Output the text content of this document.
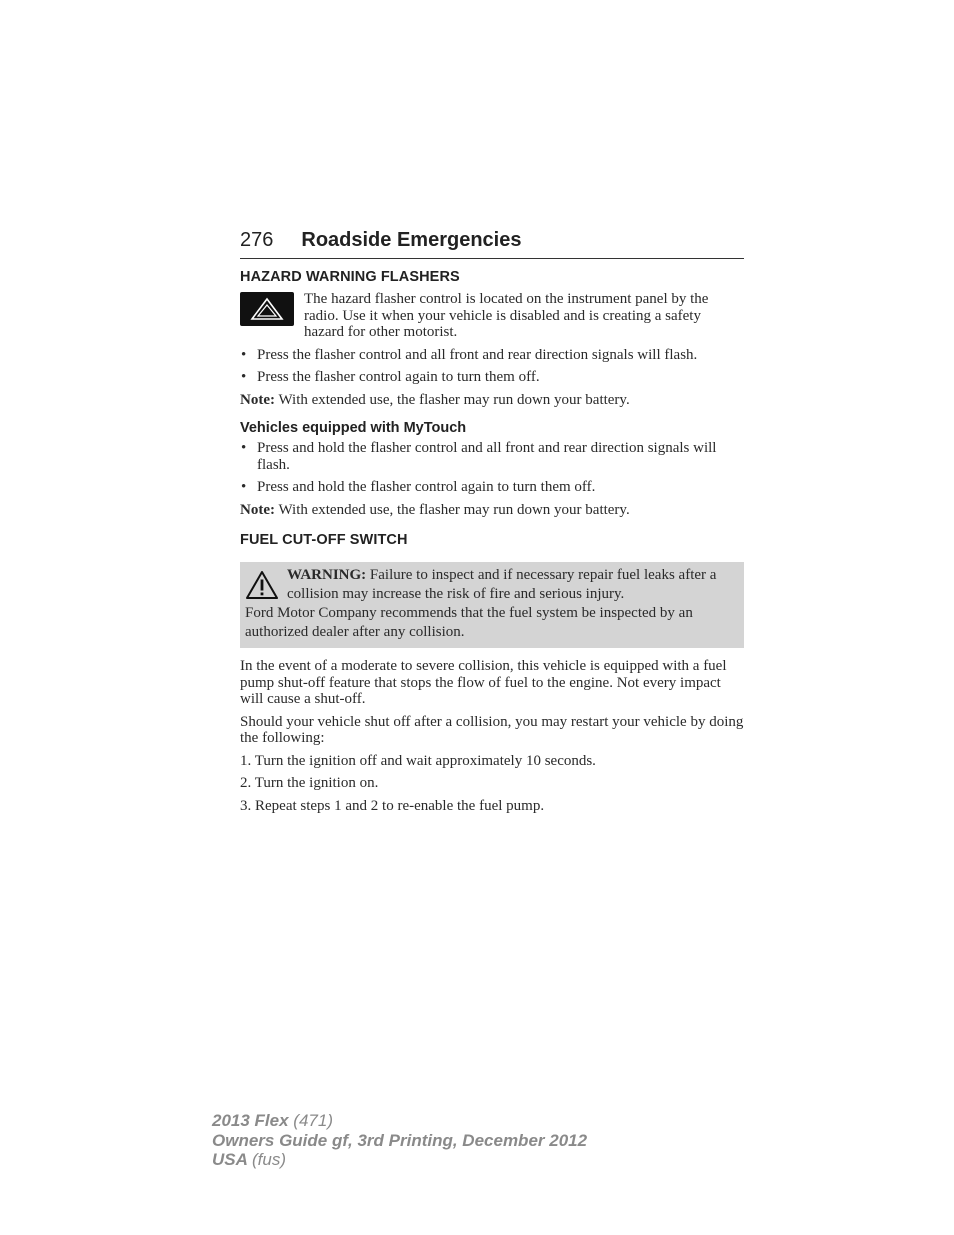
276 Roadside Emergencies
HAZARD WARNING FLASHERS

The hazard flasher control is located on the instrument panel by the radio. Use it when your vehicle is disabled and is creating a safety hazard for other motorist.

• Press the flasher control and all front and rear direction signals will flash.
• Press the flasher control again to turn them off.

Note: With extended use, the flasher may run down your battery.

Vehicles equipped with MyTouch
• Press and hold the flasher control and all front and rear direction signals will flash.
• Press and hold the flasher control again to turn them off.

Note: With extended use, the flasher may run down your battery.

FUEL CUT-OFF SWITCH

WARNING: Failure to inspect and if necessary repair fuel leaks after a collision may increase the risk of fire and serious injury.

Ford Motor Company recommends that the fuel system be inspected by an authorized dealer after any collision.

In the event of a moderate to severe collision, this vehicle is equipped with a fuel pump shut-off feature that stops the flow of fuel to the engine. Not every impact will cause a shut-off.

Should your vehicle shut off after a collision, you may restart your vehicle by doing the following:

1. Turn the ignition off and wait approximately 10 seconds.
2. Turn the ignition on.
3. Repeat steps 1 and 2 to re-enable the fuel pump.
2013 Flex (471)
Owners Guide gf, 3rd Printing, December 2012
USA (fus)
